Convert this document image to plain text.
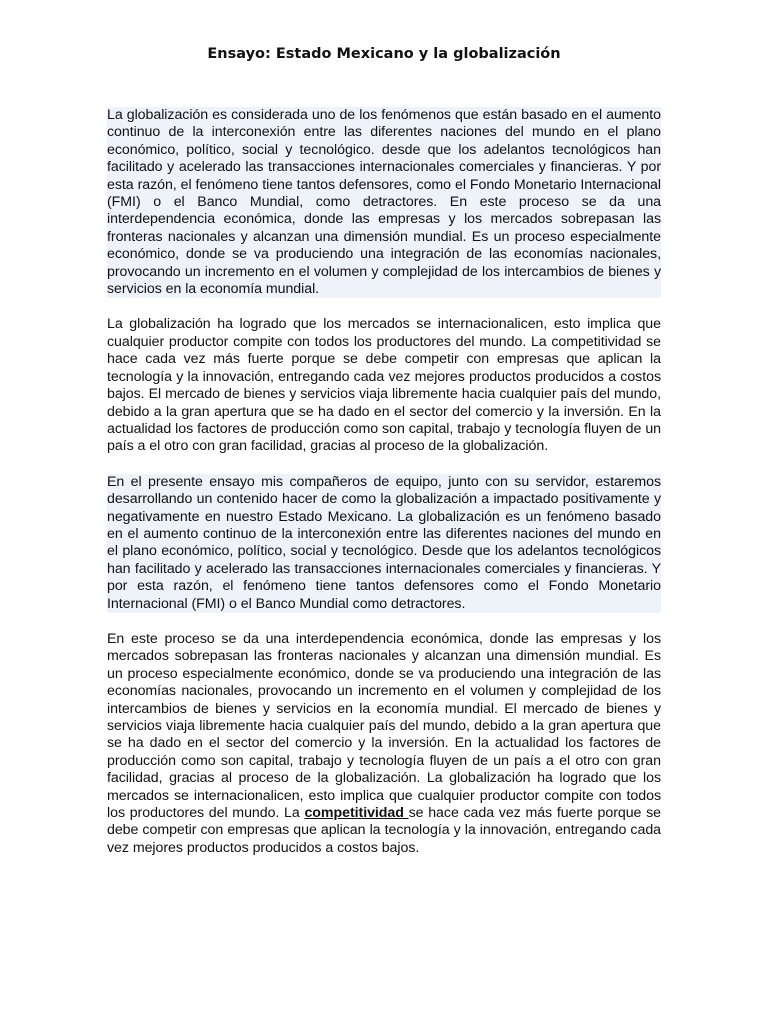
Ensayo: Estado Mexicano y la globalización

La globalización es considerada uno de los fenómenos que están basado en el aumento continuo de la interconexión entre las diferentes naciones del mundo en el plano económico, político, social y tecnológico. desde que los adelantos tecnológicos han facilitado y acelerado las transacciones internacionales comerciales y financieras. Y por esta razón, el fenómeno tiene tantos defensores, como el Fondo Monetario Internacional (FMI) o el Banco Mundial, como detractores. En este proceso se da una interdependencia económica, donde las empresas y los mercados sobrepasan las fronteras nacionales y alcanzan una dimensión mundial. Es un proceso especialmente económico, donde se va produciendo una integración de las economías nacionales, provocando un incremento en el volumen y complejidad de los intercambios de bienes y servicios en la economía mundial.

La globalización ha logrado que los mercados se internacionalicen, esto implica que cualquier productor compite con todos los productores del mundo. La competitividad se hace cada vez más fuerte porque se debe competir con empresas que aplican la tecnología y la innovación, entregando cada vez mejores productos producidos a costos bajos. El mercado de bienes y servicios viaja libremente hacia cualquier país del mundo, debido a la gran apertura que se ha dado en el sector del comercio y la inversión. En la actualidad los factores de producción como son capital, trabajo y tecnología fluyen de un país a el otro con gran facilidad, gracias al proceso de la globalización.

En el presente ensayo mis compañeros de equipo, junto con su servidor, estaremos desarrollando un contenido hacer de como la globalización a impactado positivamente y negativamente en nuestro Estado Mexicano. La globalización es un fenómeno basado en el aumento continuo de la interconexión entre las diferentes naciones del mundo en el plano económico, político, social y tecnológico. Desde que los adelantos tecnológicos han facilitado y acelerado las transacciones internacionales comerciales y financieras. Y por esta razón, el fenómeno tiene tantos defensores como el Fondo Monetario Internacional (FMI) o el Banco Mundial como detractores.

En este proceso se da una interdependencia económica, donde las empresas y los mercados sobrepasan las fronteras nacionales y alcanzan una dimensión mundial. Es un proceso especialmente económico, donde se va produciendo una integración de las economías nacionales, provocando un incremento en el volumen y complejidad de los intercambios de bienes y servicios en la economía mundial. El mercado de bienes y servicios viaja libremente hacia cualquier país del mundo, debido a la gran apertura que se ha dado en el sector del comercio y la inversión. En la actualidad los factores de producción como son capital, trabajo y tecnología fluyen de un país a el otro con gran facilidad, gracias al proceso de la globalización. La globalización ha logrado que los mercados se internacionalicen, esto implica que cualquier productor compite con todos los productores del mundo. La competitividad se hace cada vez más fuerte porque se debe competir con empresas que aplican la tecnología y la innovación, entregando cada vez mejores productos producidos a costos bajos.
